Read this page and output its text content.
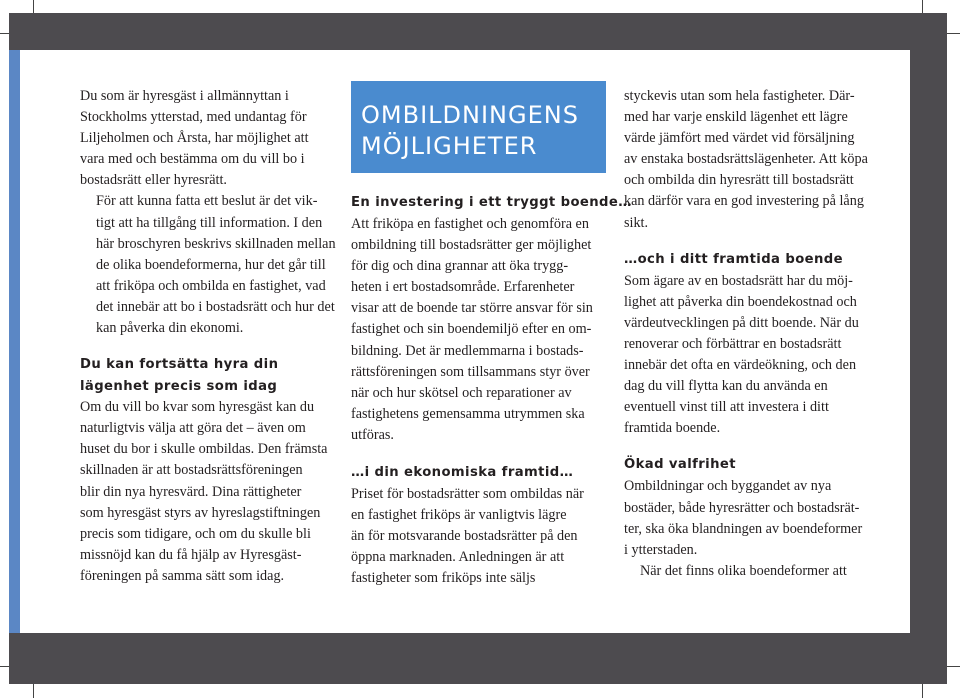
Du som är hyresgäst i allmännyttan i
Stockholms ytterstad, med undantag för
Liljeholmen och Årsta, har möjlighet att
vara med och bestämma om du vill bo i
bostadsrätt eller hyresrätt.

För att kunna fatta ett beslut är det vik-
tigt att ha tillgång till information. I den
här broschyren beskrivs skillnaden mellan
de olika boendeformerna, hur det går till
att friköpa och ombilda en fastighet, vad
det innebär att bo i bostadsrätt och hur det
kan påverka din ekonomi.

Du kan fortsätta hyra din
lägenhet precis som idag

Om du vill bo kvar som hyresgäst kan du
naturligtvis välja att göra det – även om
huset du bor i skulle ombildas. Den främsta
skillnaden är att bostadsrättsföreningen
blir din nya hyresvärd. Dina rättigheter
som hyresgäst styrs av hyreslagstiftningen
precis som tidigare, och om du skulle bli
missnöjd kan du få hjälp av Hyresgäst-
föreningen på samma sätt som idag.

OMBILDNINGENS
MÖJLIGHETER
En investering i ett tryggt boende…

Att friköpa en fastighet och genomföra en
ombildning till bostadsrätter ger möjlighet
för dig och dina grannar att öka trygg-
heten i ert bostadsområde. Erfarenheter
visar att de boende tar större ansvar för sin
fastighet och sin boendemiljö efter en om-
bildning. Det är medlemmarna i bostads-
rättsföreningen som tillsammans styr över
när och hur skötsel och reparationer av
fastighetens gemensamma utrymmen ska
utföras.

…i din ekonomiska framtid…

Priset för bostadsrätter som ombildas när
en fastighet friköps är vanligtvis lägre
än för motsvarande bostadsrätter på den
öppna marknaden. Anledningen är att
fastigheter som friköps inte säljs

styckevis utan som hela fastigheter. Där-
med har varje enskild lägenhet ett lägre
värde jämfört med värdet vid försäljning
av enstaka bostadsrättslägenheter. Att köpa
och ombilda din hyresrätt till bostadsrätt
kan därför vara en god investering på lång
sikt.

…och i ditt framtida boende

Som ägare av en bostadsrätt har du möj-
lighet att påverka din boendekostnad och
värdeutvecklingen på ditt boende. När du
renoverar och förbättrar en bostadsrätt
innebär det ofta en värdeökning, och den
dag du vill flytta kan du använda en
eventuell vinst till att investera i ditt
framtida boende.

Ökad valfrihet

Ombildningar och byggandet av nya
bostäder, både hyresrätter och bostadsrät-
ter, ska öka blandningen av boendeformer
i ytterstaden.

När det finns olika boendeformer att
